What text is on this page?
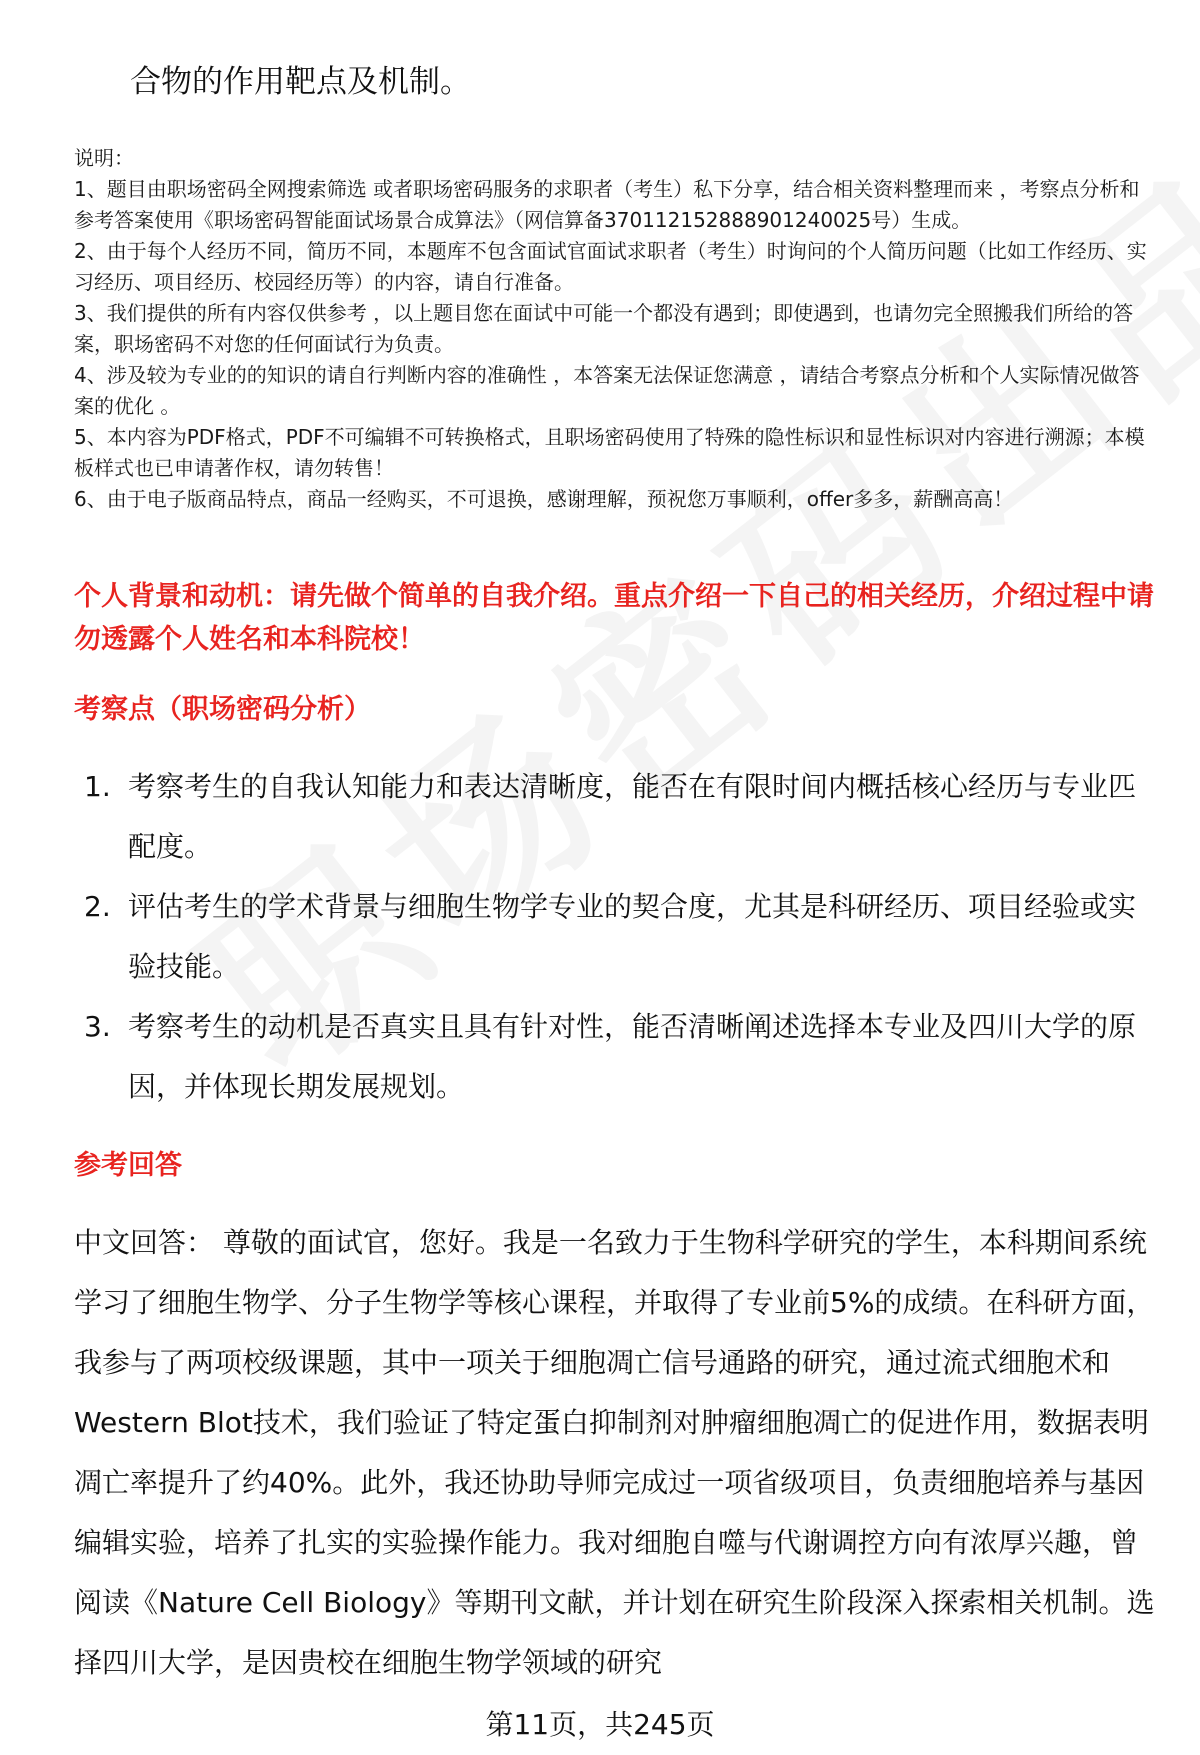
合物的作用靶点及机制。

说明：

1、题目由职场密码全网搜索筛选 或者职场密码服务的求职者（考生）私下分享，结合相关资料整理而来 ，考察点分析和参考答案使用《职场密码智能面试场景合成算法》（网信算备370112152888901240025号）生成。

2、由于每个人经历不同，简历不同，本题库不包含面试官面试求职者（考生）时询问的个人简历问题（比如工作经历、实习经历、项目经历、校园经历等）的内容，请自行准备。

3、我们提供的所有内容仅供参考 ，以上题目您在面试中可能一个都没有遇到；即使遇到，也请勿完全照搬我们所给的答案，职场密码不对您的任何面试行为负责。

4、涉及较为专业的的知识的请自行判断内容的准确性 ，本答案无法保证您满意 ，请结合考察点分析和个人实际情况做答案的优化 。

5、本内容为PDF格式，PDF不可编辑不可转换格式，且职场密码使用了特殊的隐性标识和显性标识对内容进行溯源；本模板样式也已申请著作权，请勿转售！

6、由于电子版商品特点，商品一经购买，不可退换，感谢理解，预祝您万事顺利，offer多多，薪酬高高！

个人背景和动机：请先做个简单的自我介绍。重点介绍一下自己的相关经历，介绍过程中请勿透露个人姓名和本科院校！
考察点（职场密码分析）
1. 考察考生的自我认知能力和表达清晰度，能否在有限时间内概括核心经历与专业匹配度。
2. 评估考生的学术背景与细胞生物学专业的契合度，尤其是科研经历、项目经验或实验技能。
3. 考察考生的动机是否真实且具有针对性，能否清晰阐述选择本专业及四川大学的原因，并体现长期发展规划。
参考回答

中文回答： 尊敬的面试官，您好。我是一名致力于生物科学研究的学生，本科期间系统学习了细胞生物学、分子生物学等核心课程，并取得了专业前5%的成绩。在科研方面，我参与了两项校级课题，其中一项关于细胞凋亡信号通路的研究，通过流式细胞术和Western Blot技术，我们验证了特定蛋白抑制剂对肿瘤细胞凋亡的促进作用，数据表明凋亡率提升了约40%。此外，我还协助导师完成过一项省级项目，负责细胞培养与基因编辑实验，培养了扎实的实验操作能力。我对细胞自噬与代谢调控方向有浓厚兴趣，曾阅读《Nature Cell Biology》等期刊文献，并计划在研究生阶段深入探索相关机制。选择四川大学，是因贵校在细胞生物学领域的研究

第11页，共245页
